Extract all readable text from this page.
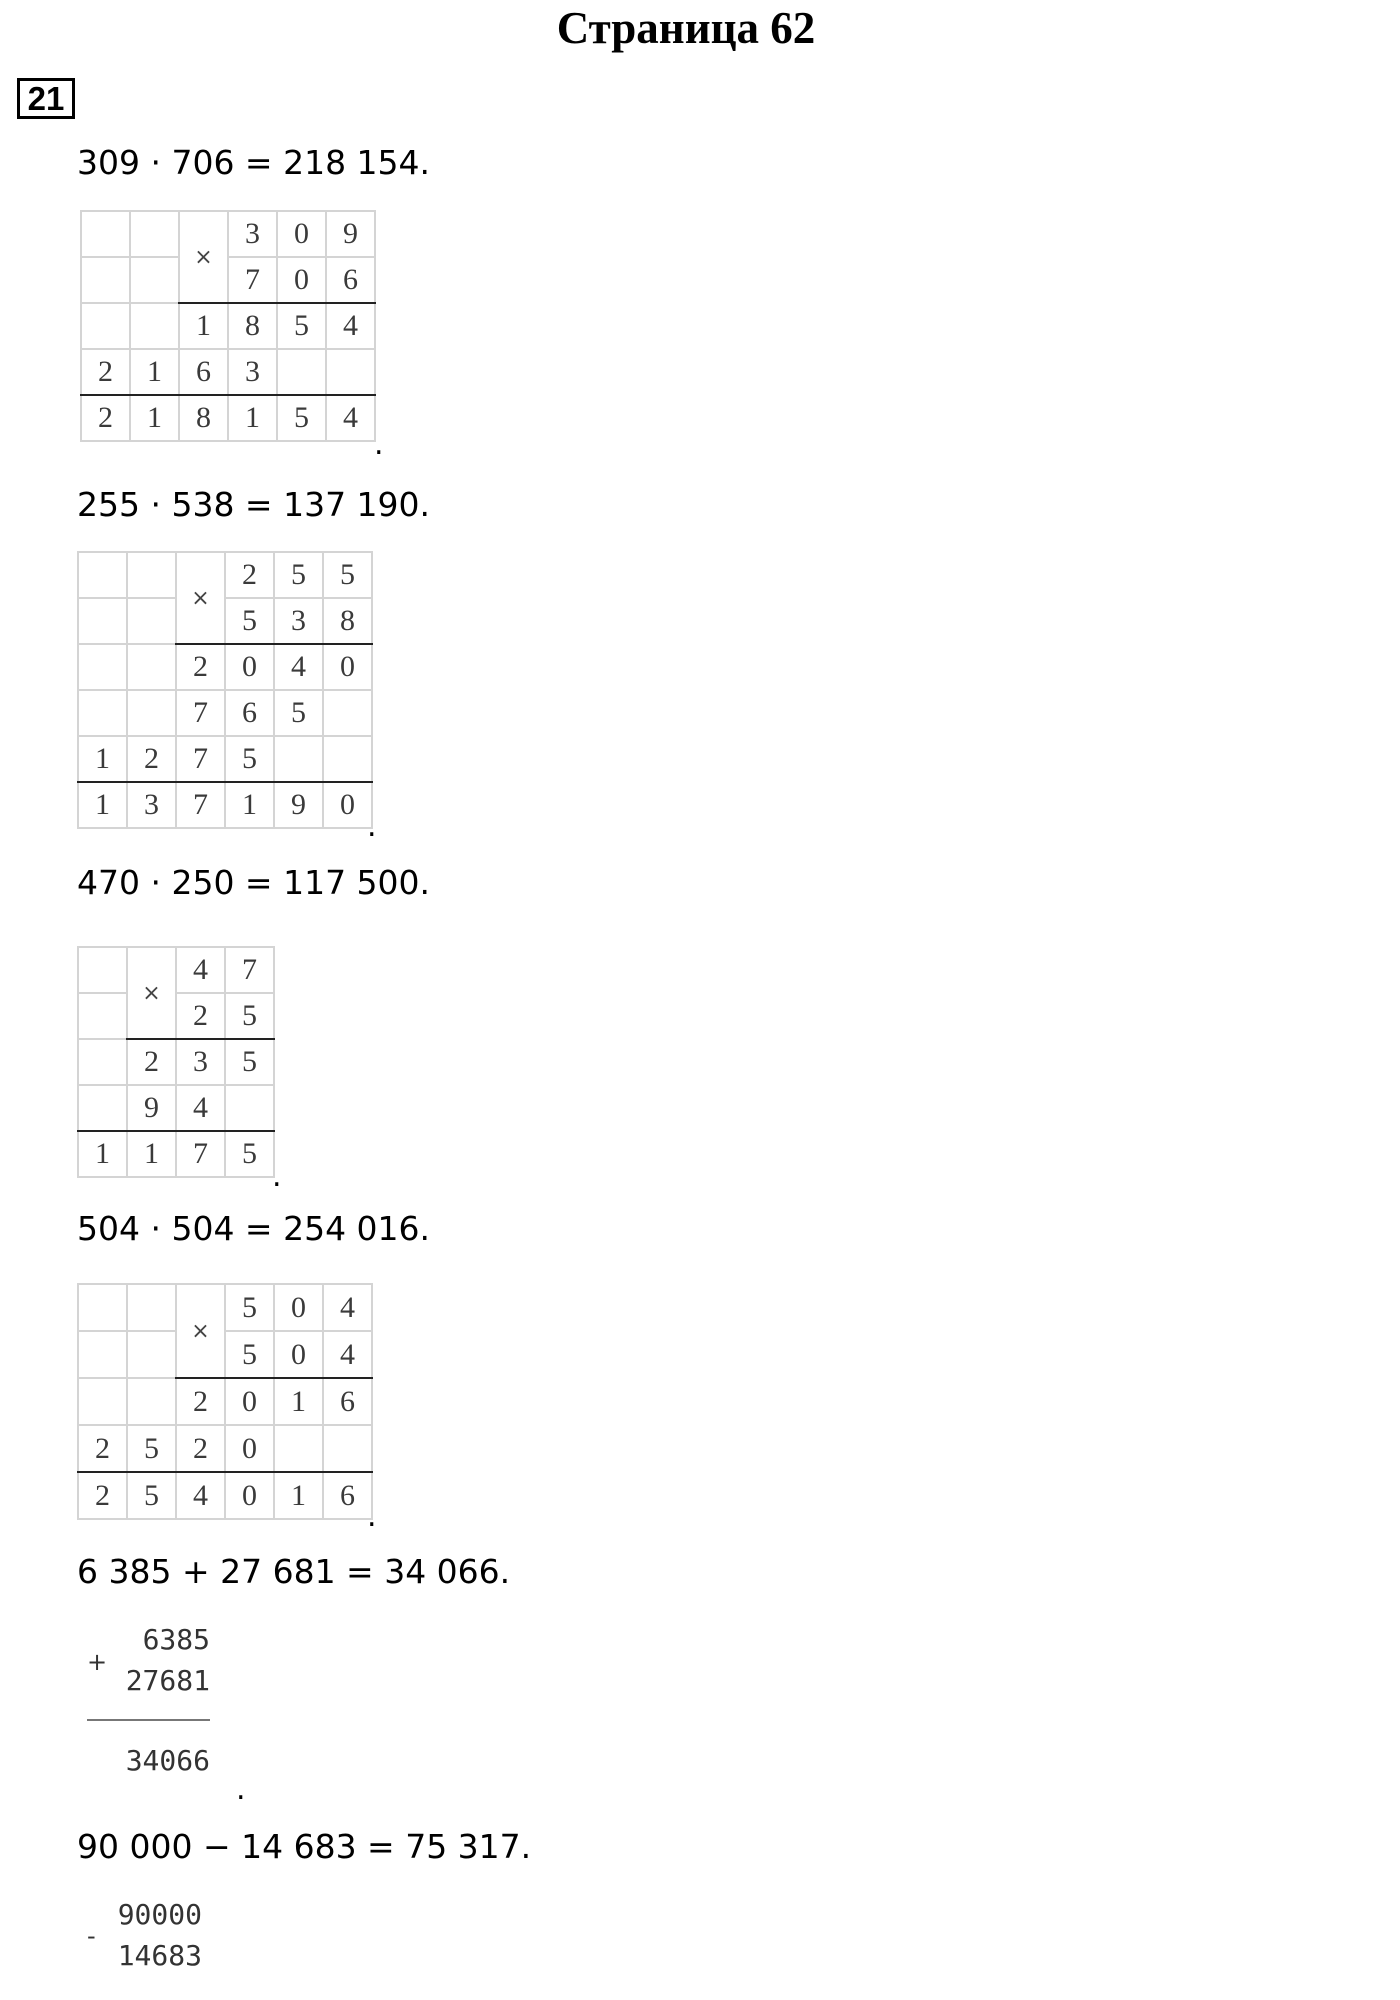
Страница 62
21
309 · 706 = 218 154.
		×	3	0	9
			7	0	6
		1	8	5	4
2	1	6	3		
2	1	8	1	5	4
.
255 · 538 = 137 190.
		×	2	5	5
			5	3	8
		2	0	4	0
		7	6	5	
1	2	7	5		
1	3	7	1	9	0
.
470 · 250 = 117 500.
	×	4	7
		2	5
	2	3	5
	9	4	
1	1	7	5
.
504 · 504 = 254 016.
		×	5	0	4
			5	0	4
		2	0	1	6
2	5	2	0		
2	5	4	0	1	6
.
6 385 + 27 681 = 34 066.
6385
+
27681
34066
.
90 000 − 14 683 = 75 317.
90000
-
14683
